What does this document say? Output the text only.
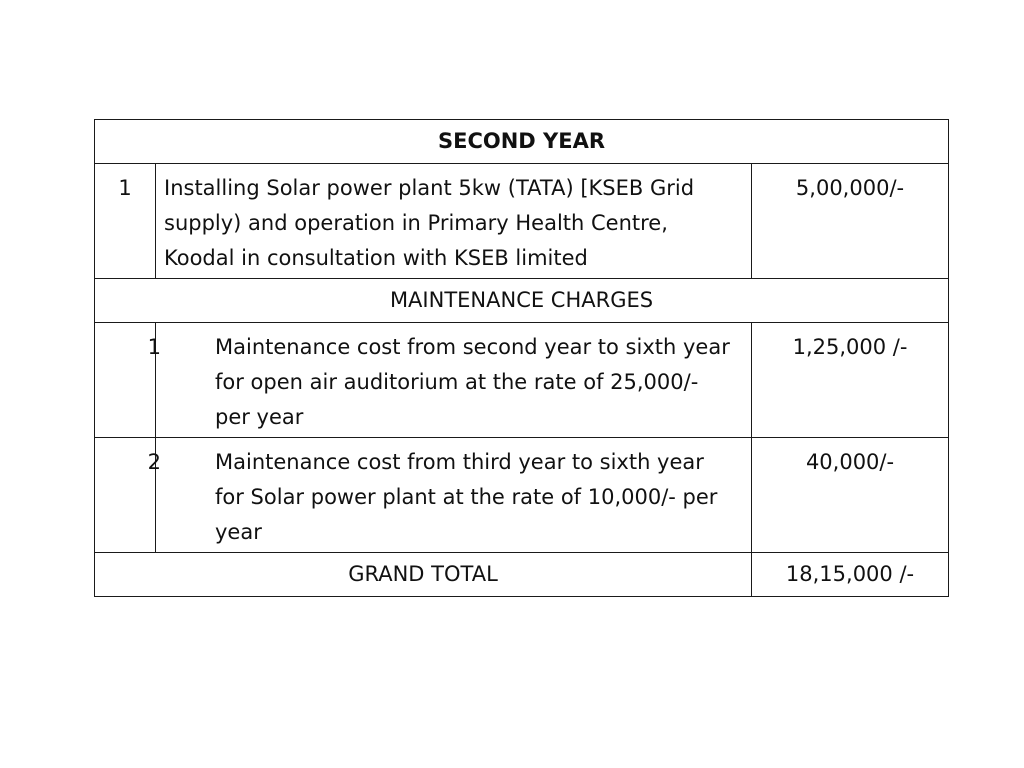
SECOND YEAR		
1	Installing Solar power plant 5kw (TATA) [KSEB Grid supply) and operation in Primary Health Centre, Koodal in consultation with KSEB limited	5,00,000/-
MAINTENANCE CHARGES		
1	Maintenance cost from second year to sixth year for open air auditorium at the rate of 25,000/- per year	1,25,000 /-
2	Maintenance cost from third year to sixth year for Solar power plant at the rate of 10,000/- per year	40,000/-
GRAND TOTAL		18,15,000 /-
